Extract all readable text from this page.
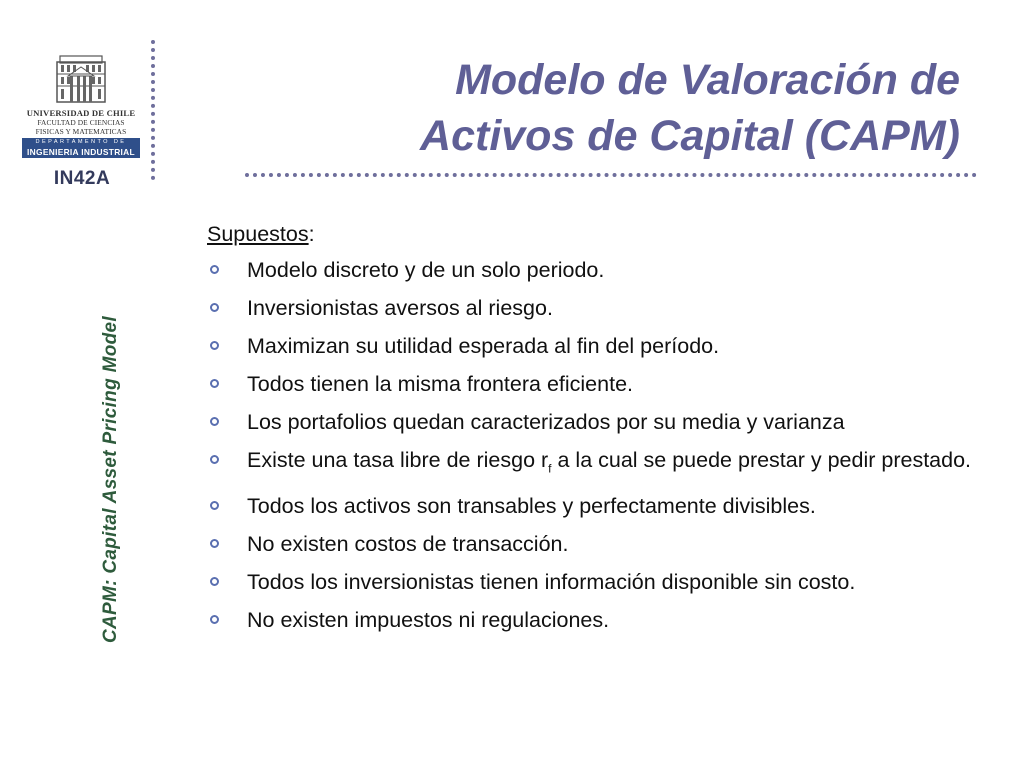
UNIVERSIDAD DE CHILE
FACULTAD DE CIENCIAS
FISICAS Y MATEMATICAS
DEPARTAMENTO DE
INGENIERIA INDUSTRIAL
IN42A
Modelo de Valoración de
Activos de Capital (CAPM)
CAPM: Capital Asset Pricing Model
Supuestos:
Modelo discreto y de un solo periodo.
Inversionistas aversos al riesgo.
Maximizan su utilidad esperada al fin del período.
Todos tienen la misma frontera eficiente.
Los portafolios quedan caracterizados por su media y varianza
Existe una tasa libre de riesgo $r_f$ a la cual se puede prestar y pedir prestado.
Todos los activos son transables y perfectamente divisibles.
No existen costos de transacción.
Todos los inversionistas tienen información disponible sin costo.
No existen impuestos ni regulaciones.
